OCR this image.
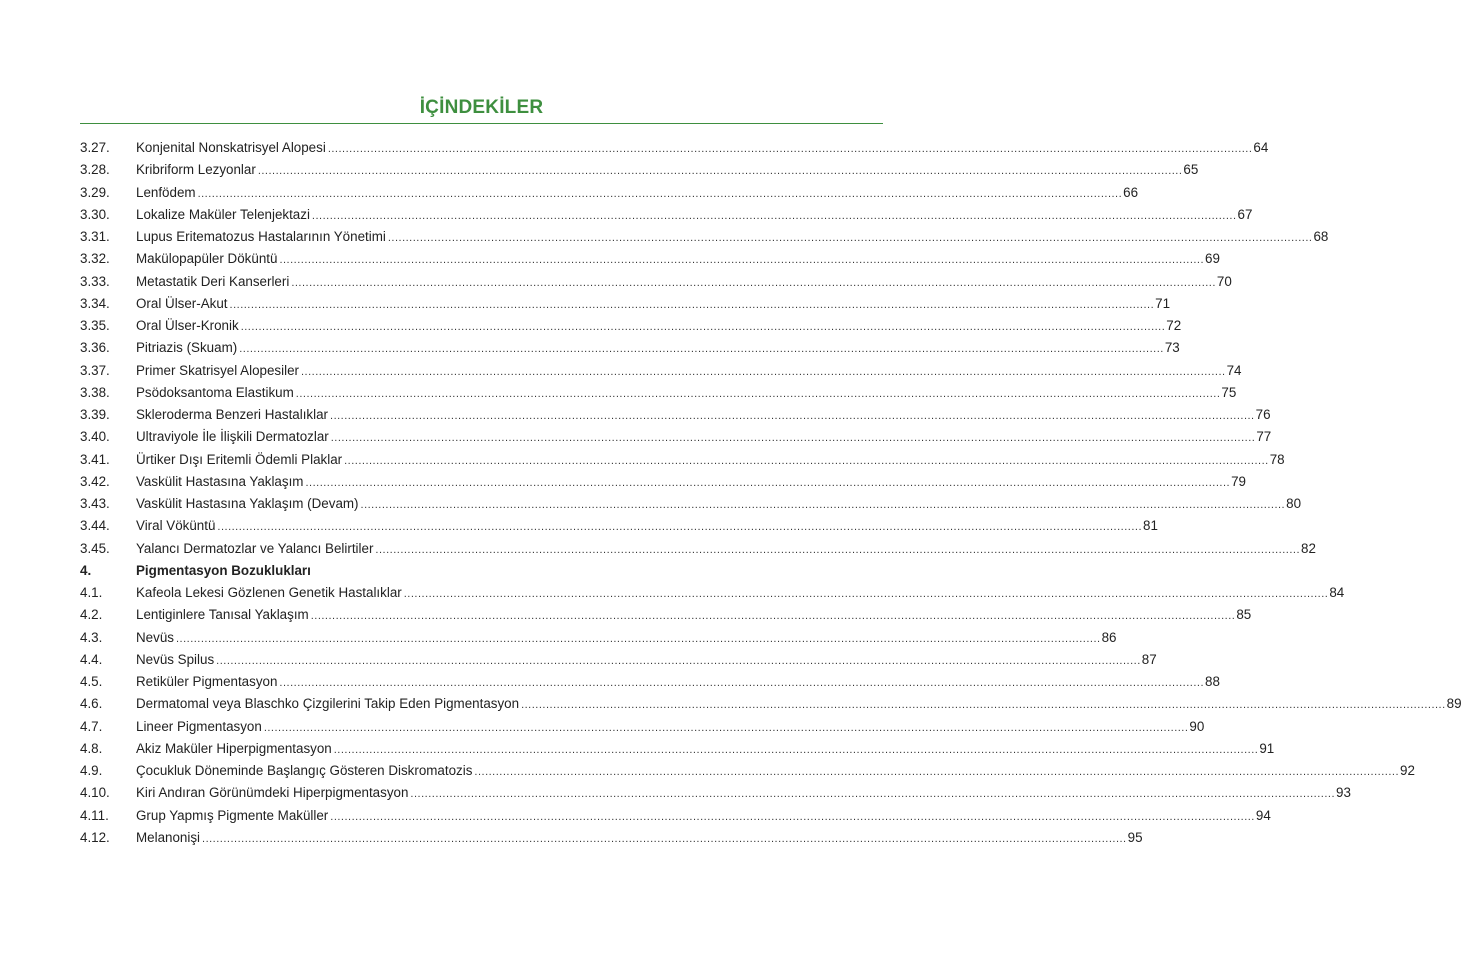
İÇİNDEKİLER
3.27.	Konjenital Nonskatrisyel Alopesi .................................................................................................................................................................................................................................................................... 64
3.28.	Kribriform Lezyonlar .................................................................................................................................................................................................................................................................... 65
3.29.	Lenfödem .................................................................................................................................................................................................................................................................... 66
3.30.	Lokalize Maküler Telenjektazi .................................................................................................................................................................................................................................................................... 67
3.31.	Lupus Eritematozus Hastalarının Yönetimi .................................................................................................................................................................................................................................................................... 68
3.32.	Makülopapüler Döküntü .................................................................................................................................................................................................................................................................... 69
3.33.	Metastatik Deri Kanserleri .................................................................................................................................................................................................................................................................... 70
3.34.	Oral Ülser-Akut .................................................................................................................................................................................................................................................................... 71
3.35.	Oral Ülser-Kronik .................................................................................................................................................................................................................................................................... 72
3.36.	Pitriazis (Skuam) .................................................................................................................................................................................................................................................................... 73
3.37.	Primer Skatrisyel Alopesiler .................................................................................................................................................................................................................................................................... 74
3.38.	Psödoksantoma Elastikum .................................................................................................................................................................................................................................................................... 75
3.39.	Skleroderma Benzeri Hastalıklar .................................................................................................................................................................................................................................................................... 76
3.40.	Ultraviyole İle İlişkili Dermatozlar .................................................................................................................................................................................................................................................................... 77
3.41.	Ürtiker Dışı Eritemli Ödemli Plaklar .................................................................................................................................................................................................................................................................... 78
3.42.	Vaskülit Hastasına Yaklaşım .................................................................................................................................................................................................................................................................... 79
3.43.	Vaskülit Hastasına Yaklaşım (Devam) .................................................................................................................................................................................................................................................................... 80
3.44.	Viral Vöküntü .................................................................................................................................................................................................................................................................... 81
3.45.	Yalancı Dermatozlar ve Yalancı Belirtiler .................................................................................................................................................................................................................................................................... 82
4.	Pigmentasyon Bozuklukları
4.1.	Kafeola Lekesi Gözlenen Genetik Hastalıklar .................................................................................................................................................................................................................................................................... 84
4.2.	Lentiginlere Tanısal Yaklaşım .................................................................................................................................................................................................................................................................... 85
4.3.	Nevüs .................................................................................................................................................................................................................................................................... 86
4.4.	Nevüs Spilus .................................................................................................................................................................................................................................................................... 87
4.5.	Retiküler Pigmentasyon .................................................................................................................................................................................................................................................................... 88
4.6.	Dermatomal veya Blaschko Çizgilerini Takip Eden Pigmentasyon .................................................................................................................................................................................................................................................................... 89
4.7.	Lineer Pigmentasyon .................................................................................................................................................................................................................................................................... 90
4.8.	Akiz Maküler Hiperpigmentasyon .................................................................................................................................................................................................................................................................... 91
4.9.	Çocukluk Döneminde Başlangıç Gösteren Diskromatozis .................................................................................................................................................................................................................................................................... 92
4.10.	Kiri Andıran Görünümdeki Hiperpigmentasyon .................................................................................................................................................................................................................................................................... 93
4.11.	Grup Yapmış Pigmente Maküller .................................................................................................................................................................................................................................................................... 94
4.12.	Melanonişi .................................................................................................................................................................................................................................................................... 95
